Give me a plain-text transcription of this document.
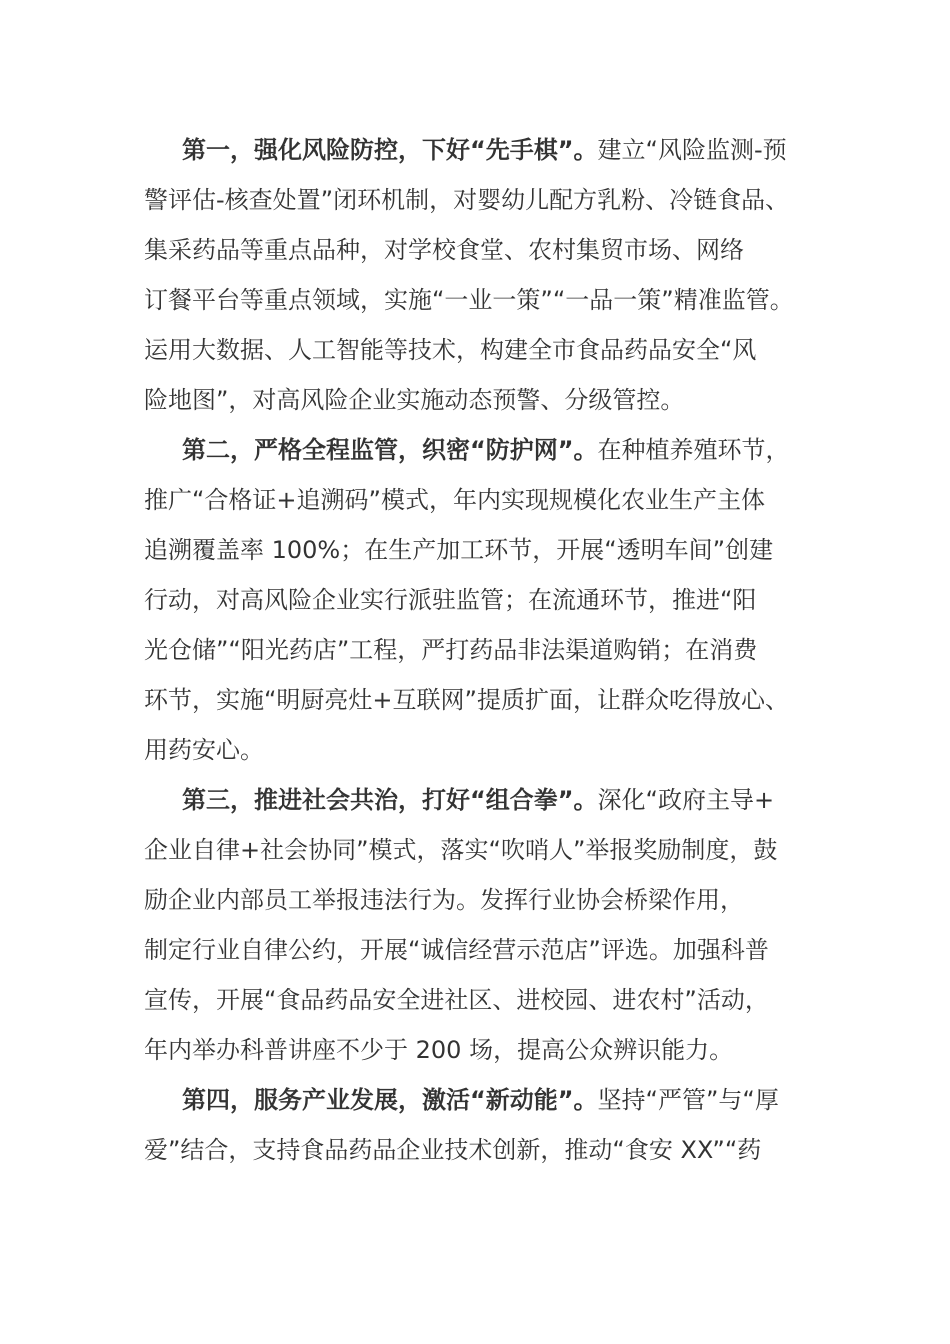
第一，强化风险防控，下好“先手棋”。建立“风险监测-预
警评估-核查处置”闭环机制，对婴幼儿配方乳粉、冷链食品、
集采药品等重点品种，对学校食堂、农村集贸市场、网络
订餐平台等重点领域，实施“一业一策”“一品一策”精准监管。
运用大数据、人工智能等技术，构建全市食品药品安全“风
险地图”，对高风险企业实施动态预警、分级管控。
第二，严格全程监管，织密“防护网”。在种植养殖环节，
推广“合格证+追溯码”模式，年内实现规模化农业生产主体
追溯覆盖率 100%；在生产加工环节，开展“透明车间”创建
行动，对高风险企业实行派驻监管；在流通环节，推进“阳
光仓储”“阳光药店”工程，严打药品非法渠道购销；在消费
环节，实施“明厨亮灶+互联网”提质扩面，让群众吃得放心、
用药安心。
第三，推进社会共治，打好“组合拳”。深化“政府主导+
企业自律+社会协同”模式，落实“吹哨人”举报奖励制度，鼓
励企业内部员工举报违法行为。发挥行业协会桥梁作用，
制定行业自律公约，开展“诚信经营示范店”评选。加强科普
宣传，开展“食品药品安全进社区、进校园、进农村”活动，
年内举办科普讲座不少于 200 场，提高公众辨识能力。
第四，服务产业发展，激活“新动能”。坚持“严管”与“厚
爱”结合，支持食品药品企业技术创新，推动“食安 XX”“药
